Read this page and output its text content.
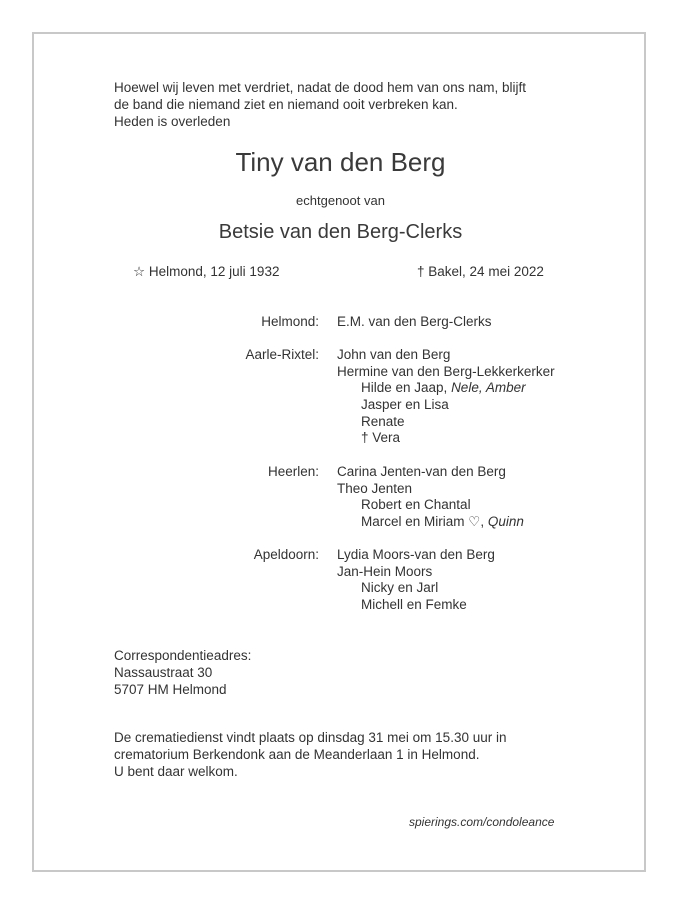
Hoewel wij leven met verdriet, nadat de dood hem van ons nam, blijft
de band die niemand ziet en niemand ooit verbreken kan.
Heden is overleden
Tiny van den Berg
echtgenoot van
Betsie van den Berg-Clerks
☆ Helmond, 12 juli 1932	† Bakel, 24 mei 2022
Helmond: E.M. van den Berg-Clerks
Aarle-Rixtel: John van den Berg
Hermine van den Berg-Lekkerkerker
Hilde en Jaap, Nele, Amber
Jasper en Lisa
Renate
† Vera
Heerlen: Carina Jenten-van den Berg
Theo Jenten
Robert en Chantal
Marcel en Miriam ♡, Quinn
Apeldoorn: Lydia Moors-van den Berg
Jan-Hein Moors
Nicky en Jarl
Michell en Femke
Correspondentieadres:
Nassaustraat 30
5707 HM Helmond
De crematiedienst vindt plaats op dinsdag 31 mei om 15.30 uur in
crematorium Berkendonk aan de Meanderlaan 1 in Helmond.
U bent daar welkom.
spierings.com/condoleance
